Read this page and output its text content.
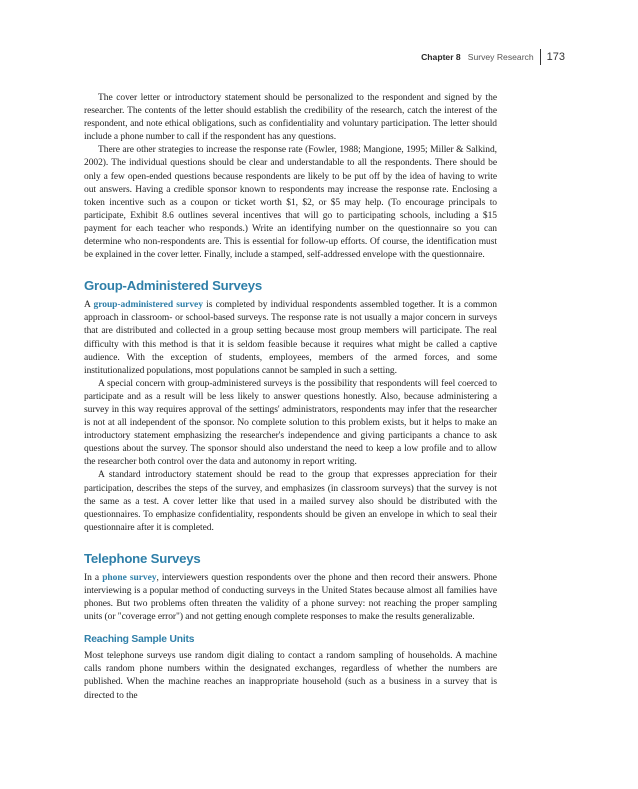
Chapter 8 Survey Research 173

The cover letter or introductory statement should be personalized to the respondent and signed by the researcher. The contents of the letter should establish the credibility of the research, catch the interest of the respondent, and note ethical obligations, such as confidentiality and voluntary participation. The letter should include a phone number to call if the respondent has any questions.

There are other strategies to increase the response rate (Fowler, 1988; Mangione, 1995; Miller & Salkind, 2002). The individual questions should be clear and understandable to all the respondents. There should be only a few open-ended questions because respondents are likely to be put off by the idea of having to write out answers. Having a credible sponsor known to respondents may increase the response rate. Enclosing a token incentive such as a coupon or ticket worth $1, $2, or $5 may help. (To encourage principals to participate, Exhibit 8.6 outlines several incentives that will go to participating schools, including a $15 payment for each teacher who responds.) Write an identifying number on the questionnaire so you can determine who non-respondents are. This is essential for follow-up efforts. Of course, the identification must be explained in the cover letter. Finally, include a stamped, self-addressed envelope with the questionnaire.

Group-Administered Surveys

A group-administered survey is completed by individual respondents assembled together. It is a common approach in classroom- or school-based surveys. The response rate is not usually a major concern in surveys that are distributed and collected in a group setting because most group members will participate. The real difficulty with this method is that it is seldom feasible because it requires what might be called a captive audience. With the exception of students, employees, members of the armed forces, and some institutionalized populations, most populations cannot be sampled in such a setting.

A special concern with group-administered surveys is the possibility that respondents will feel coerced to participate and as a result will be less likely to answer questions honestly. Also, because administering a survey in this way requires approval of the settings' administrators, respondents may infer that the researcher is not at all independent of the sponsor. No complete solution to this problem exists, but it helps to make an introductory statement emphasizing the researcher's independence and giving participants a chance to ask questions about the survey. The sponsor should also understand the need to keep a low profile and to allow the researcher both control over the data and autonomy in report writing.

A standard introductory statement should be read to the group that expresses appreciation for their participation, describes the steps of the survey, and emphasizes (in classroom surveys) that the survey is not the same as a test. A cover letter like that used in a mailed survey also should be distributed with the questionnaires. To emphasize confidentiality, respondents should be given an envelope in which to seal their questionnaire after it is completed.

Telephone Surveys

In a phone survey, interviewers question respondents over the phone and then record their answers. Phone interviewing is a popular method of conducting surveys in the United States because almost all families have phones. But two problems often threaten the validity of a phone survey: not reaching the proper sampling units (or "coverage error") and not getting enough complete responses to make the results generalizable.

Reaching Sample Units

Most telephone surveys use random digit dialing to contact a random sampling of households. A machine calls random phone numbers within the designated exchanges, regardless of whether the numbers are published. When the machine reaches an inappropriate household (such as a business in a survey that is directed to the
